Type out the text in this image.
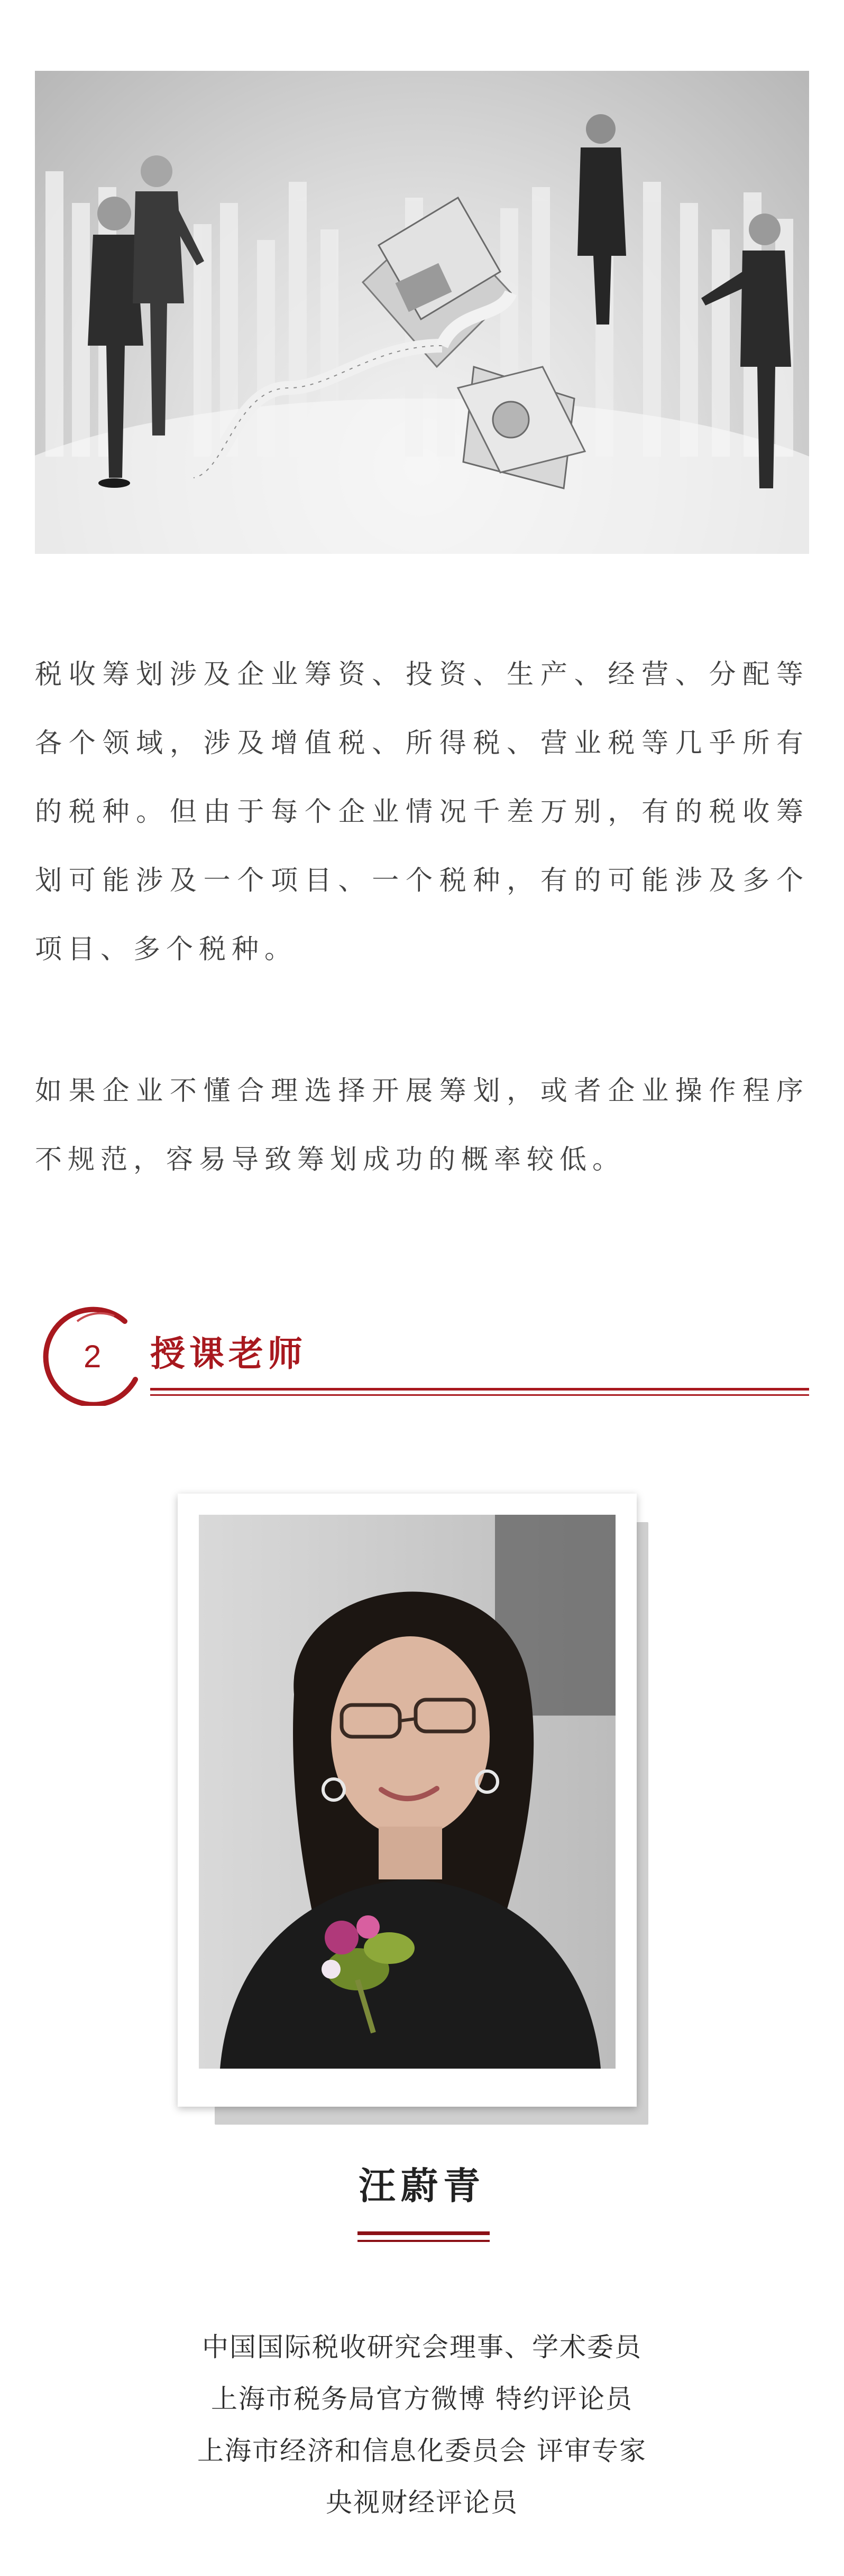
税收筹划涉及企业筹资、投资、生产、经营、分配等各个领域，涉及增值税、所得税、营业税等几乎所有的税种。但由于每个企业情况千差万别，有的税收筹划可能涉及一个项目、一个税种，有的可能涉及多个项目、多个税种。

如果企业不懂合理选择开展筹划，或者企业操作程序不规范，容易导致筹划成功的概率较低。

2 授课老师
汪蔚青
中国国际税收研究会理事、学术委员
上海市税务局官方微博 特约评论员
上海市经济和信息化委员会 评审专家
央视财经评论员
